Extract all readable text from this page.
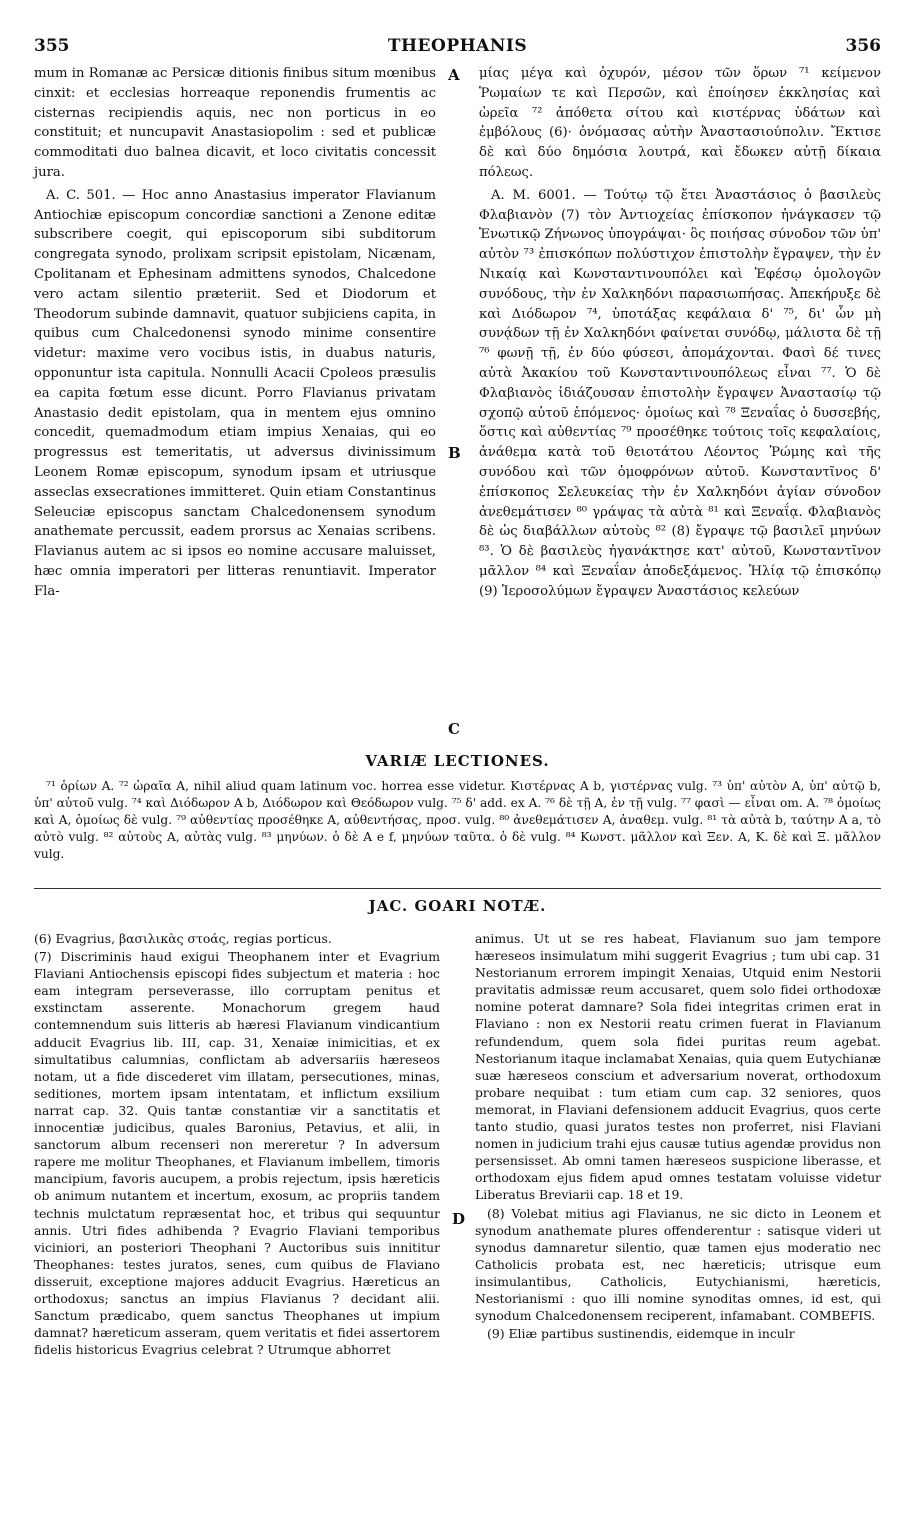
355	THEOPHANIS	356

mum in Romanæ ac Persicæ ditionis finibus situm mœnibus cinxit: et ecclesias horreaque reponendis frumentis ac cisternas recipiendis aquis, nec non porticus in eo constituit; et nuncupavit Anastasiopolim : sed et publicæ commoditati duo balnea dicavit, et loco civitatis concessit jura.

A. C. 501. — Hoc anno Anastasius imperator Flavianum Antiochiæ episcopum concordiæ sanctioni a Zenone editæ subscribere coegit, qui episcoporum sibi subditorum congregata synodo, prolixam scripsit epistolam, Nicænam, Cpolitanam et Ephesinam admittens synodos, Chalcedone vero actam silentio præteriit. Sed et Diodorum et Theodorum subinde damnavit, quatuor subjiciens capita, in quibus cum Chalcedonensi synodo minime consentire videtur: maxime vero vocibus istis, in duabus naturis, opponuntur ista capitula. Nonnulli Acacii Cpoleos præsulis ea capita fœtum esse dicunt. Porro Flavianus privatam Anastasio dedit epistolam, qua in mentem ejus omnino concedit, quemadmodum etiam impius Xenaias, qui eo progressus est temeritatis, ut adversus divinissimum Leonem Romæ episcopum, synodum ipsam et utriusque asseclas exsecrationes immitteret. Quin etiam Constantinus Seleuciæ episcopus sanctam Chalcedonensem synodum anathemate percussit, eadem prorsus ac Xenaias scribens. Flavianus autem ac si ipsos eo nomine accusare maluisset, hæc omnia imperatori per litteras renuntiavit. Imperator Fla-

μίας μέγα καὶ ὀχυρόν, μέσον τῶν ὅρων ⁷¹ κείμενον Ῥωμαίων τε καὶ Περσῶν, καὶ ἐποίησεν ἐκκλησίας καὶ ὡρεῖα ⁷² ἀπόθετα σίτου καὶ κιστέρνας ὑδάτων καὶ ἐμβόλους (6)· ὀνόμασας αὐτὴν Ἀναστασιούπολιν. Ἔκτισε δὲ καὶ δύο δημόσια λουτρά, καὶ ἔδωκεν αὐτῇ δίκαια πόλεως.

A. M. 6001. — Τούτῳ τῷ ἔτει Ἀναστάσιος ὁ βασιλεὺς Φλαβιανὸν (7) τὸν Ἀντιοχείας ἐπίσκοπον ἠνάγκασεν τῷ Ἑνωτικῷ Ζήνωνος ὑπογράψαι· ὃς ποιήσας σύνοδον τῶν ὑπ' αὐτὸν ⁷³ ἐπισκόπων πολύστιχον ἐπιστολὴν ἔγραψεν, τὴν ἐν Νικαίᾳ καὶ Κωνσταντινουπόλει καὶ Ἐφέσῳ ὁμολογῶν συνόδους, τὴν ἐν Χαλκηδόνι παρασιωπήσας. Ἀπεκήρυξε δὲ καὶ Διόδωρον ⁷⁴, ὑποτάξας κεφάλαια δ' ⁷⁵, δι' ὧν μὴ συνᾴδων τῇ ἐν Χαλκηδόνι φαίνεται συνόδῳ, μάλιστα δὲ τῇ ⁷⁶ φωνῇ τῇ, ἐν δύο φύσεσι, ἀπομάχονται. Φασὶ δέ τινες αὐτὰ Ἀκακίου τοῦ Κωνσταντινουπόλεως εἶναι ⁷⁷. Ὁ δὲ Φλαβιανὸς ἰδιάζουσαν ἐπιστολὴν ἔγραψεν Ἀναστασίῳ τῷ σχοπῷ αὐτοῦ ἑπόμενος· ὁμοίως καὶ ⁷⁸ Ξεναΐας ὁ δυσσεβής, ὅστις καὶ αὐθεντίας ⁷⁹ προσέθηκε τούτοις τοῖς κεφαλαίοις, ἀνάθεμα κατὰ τοῦ θειοτάτου Λέοντος Ῥώμης καὶ τῆς συνόδου καὶ τῶν ὁμοφρόνων αὐτοῦ. Κωνσταντῖνος δ' ἐπίσκοπος Σελευκείας τὴν ἐν Χαλκηδόνι ἁγίαν σύνοδον ἀνεθεμάτισεν ⁸⁰ γράψας τὰ αὐτὰ ⁸¹ καὶ Ξεναΐᾳ. Φλαβιανὸς δὲ ὡς διαβάλλων αὐτοὺς ⁸² (8) ἔγραψε τῷ βασιλεῖ μηνύων ⁸³. Ὁ δὲ βασιλεὺς ἠγανάκτησε κατ' αὐτοῦ, Κωνσταντῖνον μᾶλλον ⁸⁴ καὶ Ξεναΐαν ἀποδεξάμενος. Ἠλίᾳ τῷ ἐπισκόπῳ (9) Ἱεροσολύμων ἔγραψεν Ἀναστάσιος κελεύων

A
B
C
VARIÆ LECTIONES.

⁷¹ ὁρίων A. ⁷² ὡραῖα A, nihil aliud quam latinum voc. horrea esse videtur. Κιστέρνας A b, γιστέρνας vulg. ⁷³ ὑπ' αὐτὸν A, ὑπ' αὐτῷ b, ὑπ' αὐτοῦ vulg. ⁷⁴ καὶ Διόδωρον A b, Διόδωρον καὶ Θεόδωρον vulg. ⁷⁵ δ' add. ex A. ⁷⁶ δὲ τῇ A, ἐν τῇ vulg. ⁷⁷ φασὶ — εἶναι om. A. ⁷⁸ ὁμοίως καὶ A, ὁμοίως δὲ vulg. ⁷⁹ αὐθεντίας προσέθηκε A, αὐθεντήσας, προσ. vulg. ⁸⁰ ἀνεθεμάτισεν A, ἀναθεμ. vulg. ⁸¹ τὰ αὐτὰ b, ταύτην A a, τὸ αὐτὸ vulg. ⁸² αὐτοὺς A, αὐτὰς vulg. ⁸³ μηνύων. ὁ δὲ A e f, μηνύων ταῦτα. ὁ δὲ vulg. ⁸⁴ Κωνστ. μᾶλλον καὶ Ξεν. A, K. δὲ καὶ Ξ. μᾶλλον vulg.

JAC. GOARI NOTÆ.

(6) Evagrius, βασιλικὰς στοάς, regias porticus.

(7) Discriminis haud exigui Theophanem inter et Evagrium Flaviani Antiochensis episcopi fides subjectum et materia : hoc eam integram perseverasse, illo corruptam penitus et exstinctam asserente. Monachorum gregem haud contemnendum suis litteris ab hæresi Flavianum vindicantium adducit Evagrius lib. III, cap. 31, Xenaiæ inimicitias, et ex simultatibus calumnias, conflictam ab adversariis hæreseos notam, ut a fide discederet vim illatam, persecutiones, minas, seditiones, mortem ipsam intentatam, et inflictum exsilium narrat cap. 32. Quis tantæ constantiæ vir a sanctitatis et innocentiæ judicibus, quales Baronius, Petavius, et alii, in sanctorum album recenseri non mereretur ? In adversum rapere me molitur Theophanes, et Flavianum imbellem, timoris mancipium, favoris aucupem, a probis rejectum, ipsis hæreticis ob animum nutantem et incertum, exosum, ac propriis tandem technis mulctatum repræsentat hoc, et tribus qui sequuntur annis. Utri fides adhibenda ? Evagrio Flaviani temporibus viciniori, an posteriori Theophani ? Auctoribus suis innititur Theophanes: testes juratos, senes, cum quibus de Flaviano disseruit, exceptione majores adducit Evagrius. Hæreticus an orthodoxus; sanctus an impius Flavianus ? decidant alii. Sanctum prædicabo, quem sanctus Theophanes ut impium damnat? hæreticum asseram, quem veritatis et fidei assertorem fidelis historicus Evagrius celebrat ? Utrumque abhorret

animus. Ut ut se res habeat, Flavianum suo jam tempore hæreseos insimulatum mihi suggerit Evagrius ; tum ubi cap. 31 Nestorianum errorem impingit Xenaias, Utquid enim Nestorii pravitatis admissæ reum accusaret, quem solo fidei orthodoxæ nomine poterat damnare? Sola fidei integritas crimen erat in Flaviano : non ex Nestorii reatu crimen fuerat in Flavianum refundendum, quem sola fidei puritas reum agebat. Nestorianum itaque inclamabat Xenaias, quia quem Eutychianæ suæ hæreseos conscium et adversarium noverat, orthodoxum probare nequibat : tum etiam cum cap. 32 seniores, quos memorat, in Flaviani defensionem adducit Evagrius, quos certe tanto studio, quasi juratos testes non proferret, nisi Flaviani nomen in judicium trahi ejus causæ tutius agendæ providus non persensisset. Ab omni tamen hæreseos suspicione liberasse, et orthodoxam ejus fidem apud omnes testatam voluisse videtur Liberatus Breviarii cap. 18 et 19.

(8) Volebat mitius agi Flavianus, ne sic dicto in Leonem et synodum anathemate plures offenderentur : satisque videri ut synodus damnaretur silentio, quæ tamen ejus moderatio nec Catholicis probata est, nec hæreticis; utrisque eum insimulantibus, Catholicis, Eutychianismi, hæreticis, Nestorianismi : quo illi nomine synoditas omnes, id est, qui synodum Chalcedonensem reciperent, infamabant. COMBEFIS.

(9) Eliæ partibus sustinendis, eidemque in inculr

D
